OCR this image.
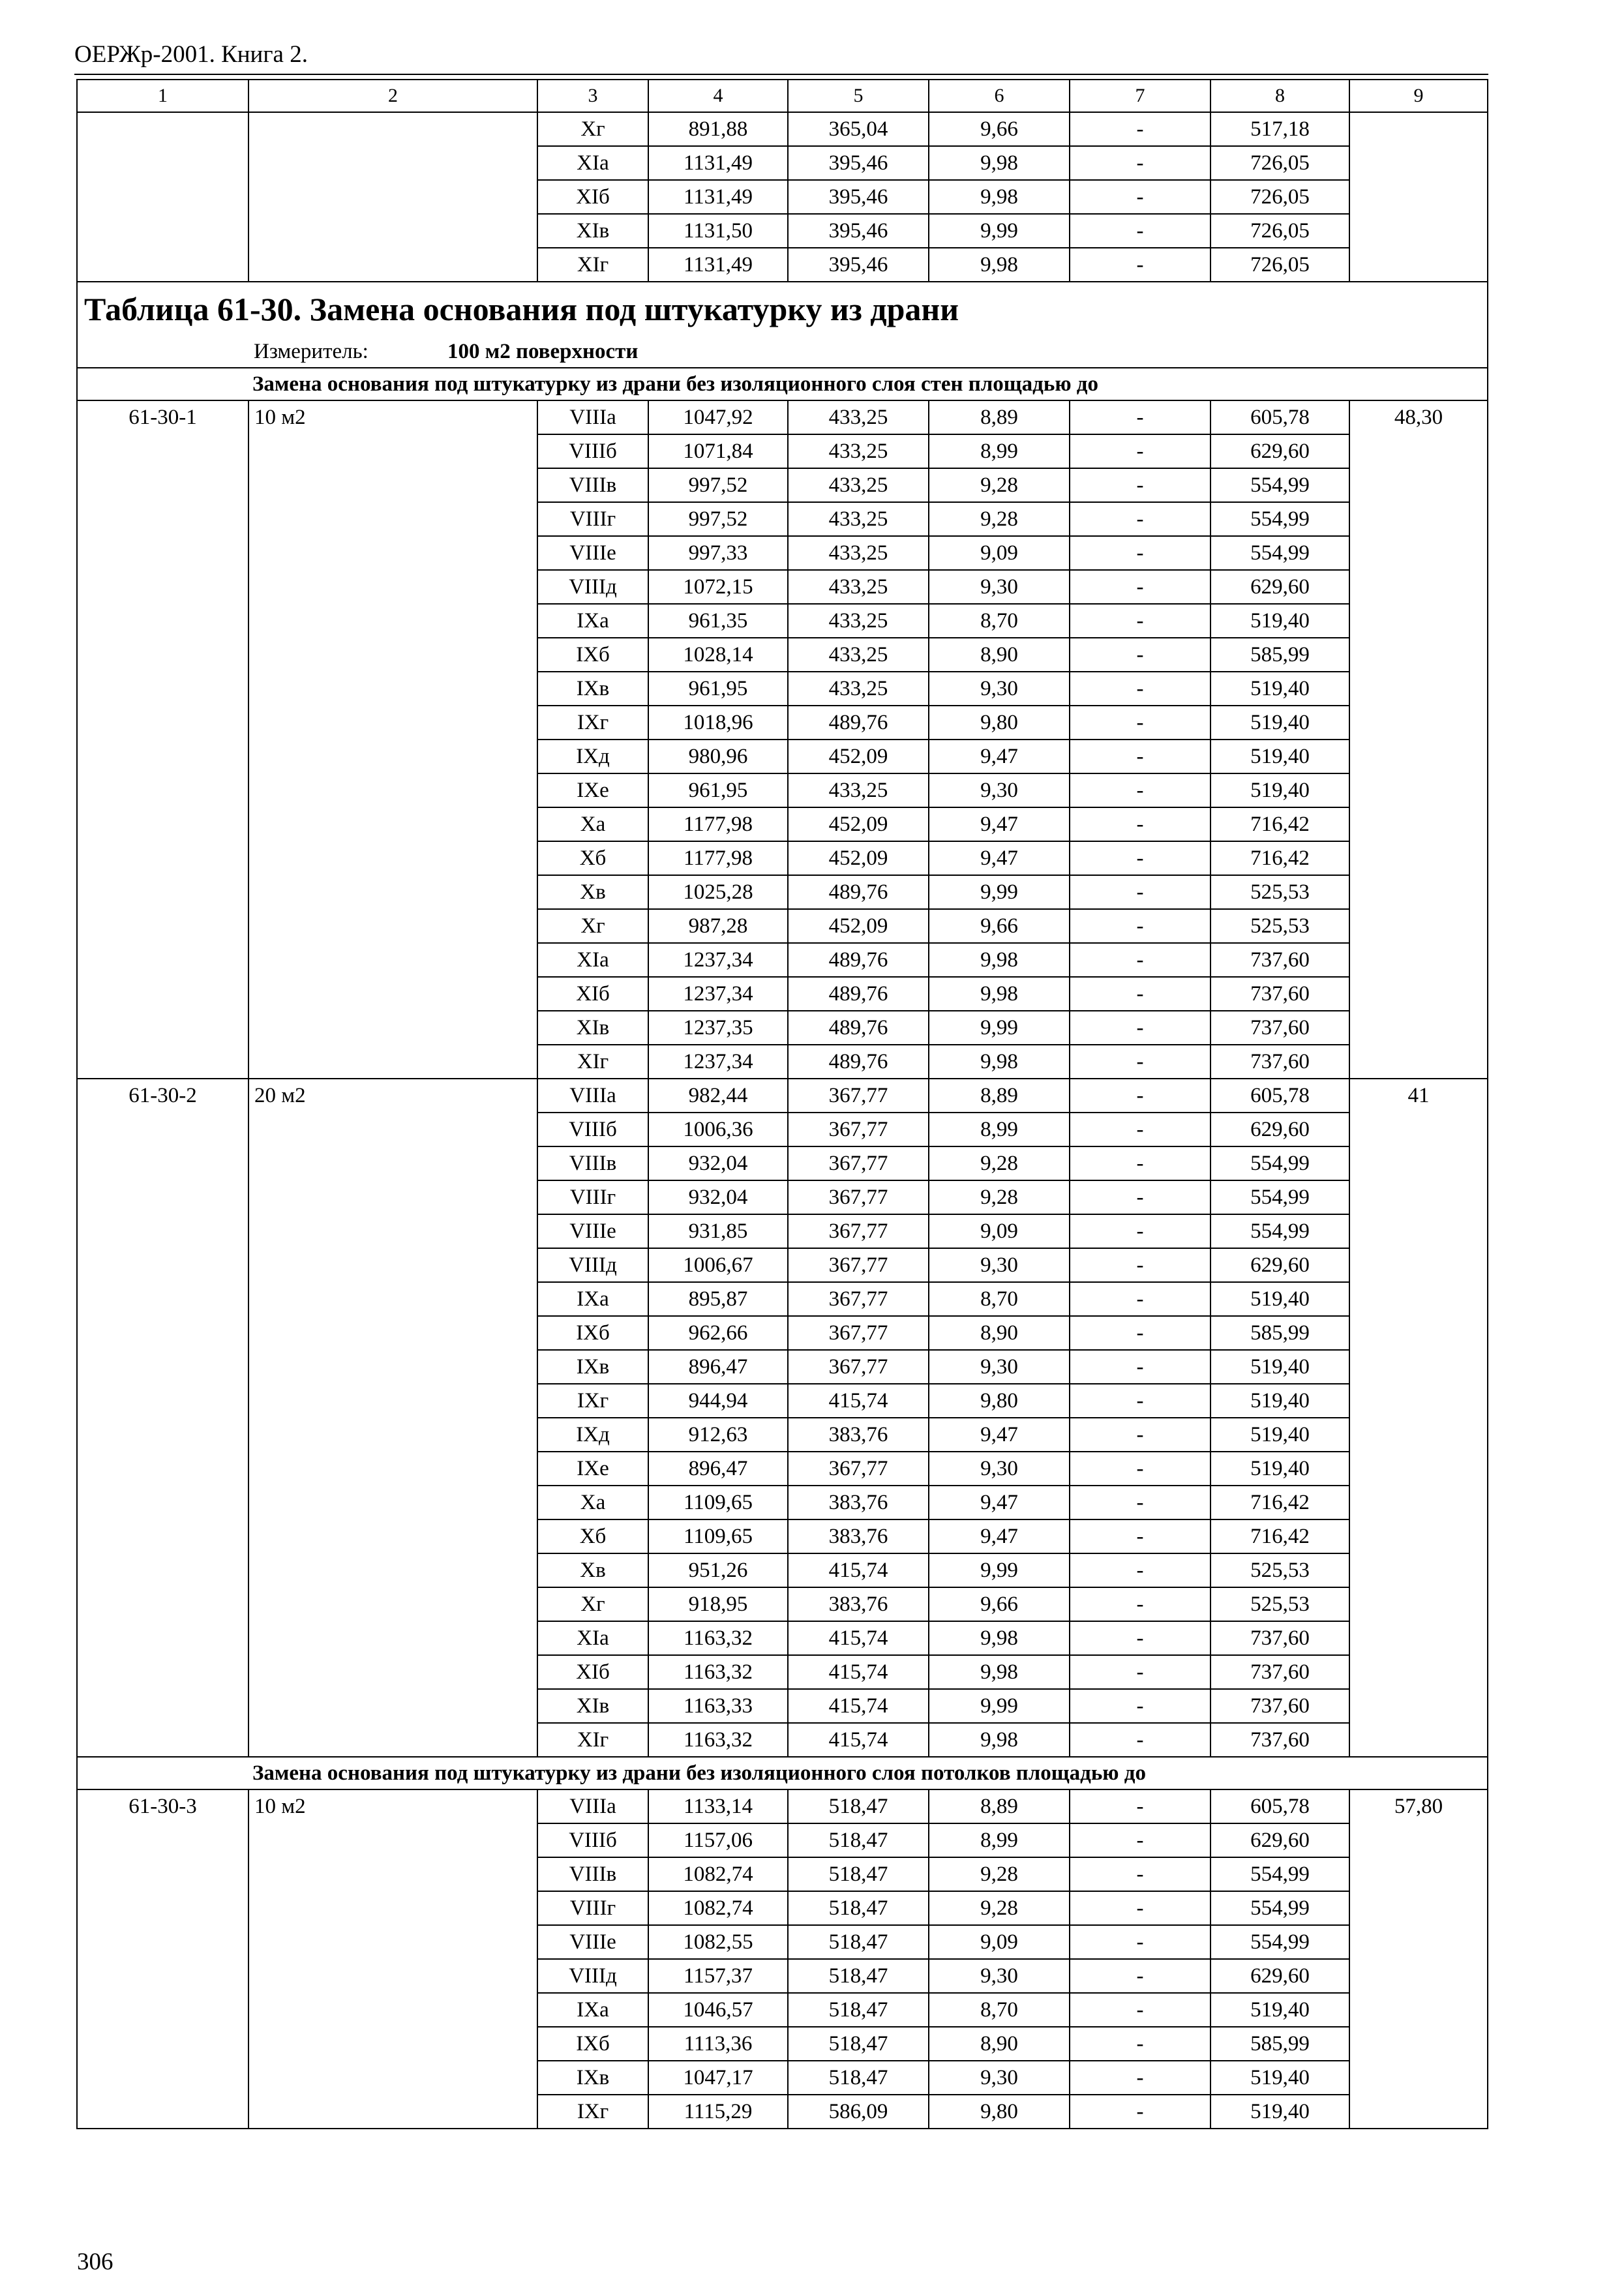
ОЕРЖр-2001. Книга 2.
1	2	3	4	5	6	7	8	9
		Xг	891,88	365,04	9,66	-	517,18	
		XIа	1131,49	395,46	9,98	-	726,05	
		XIб	1131,49	395,46	9,98	-	726,05	
		XIв	1131,50	395,46	9,99	-	726,05	
		XIг	1131,49	395,46	9,98	-	726,05	
Таблица 61-30. Замена основания под штукатурку из драни								
Измеритель: 100 м2 поверхности								
Замена основания под штукатурку из драни без изоляционного слоя стен площадью до								
61-30-1	10 м2	VIIIа	1047,92	433,25	8,89	-	605,78	48,30
		VIIIб	1071,84	433,25	8,99	-	629,60	
		VIIIв	997,52	433,25	9,28	-	554,99	
		VIIIг	997,52	433,25	9,28	-	554,99	
		VIIIе	997,33	433,25	9,09	-	554,99	
		VIIIд	1072,15	433,25	9,30	-	629,60	
		IXа	961,35	433,25	8,70	-	519,40	
		IXб	1028,14	433,25	8,90	-	585,99	
		IXв	961,95	433,25	9,30	-	519,40	
		IXг	1018,96	489,76	9,80	-	519,40	
		IXд	980,96	452,09	9,47	-	519,40	
		IXе	961,95	433,25	9,30	-	519,40	
		Xа	1177,98	452,09	9,47	-	716,42	
		Xб	1177,98	452,09	9,47	-	716,42	
		Xв	1025,28	489,76	9,99	-	525,53	
		Xг	987,28	452,09	9,66	-	525,53	
		XIа	1237,34	489,76	9,98	-	737,60	
		XIб	1237,34	489,76	9,98	-	737,60	
		XIв	1237,35	489,76	9,99	-	737,60	
		XIг	1237,34	489,76	9,98	-	737,60	
61-30-2	20 м2	VIIIа	982,44	367,77	8,89	-	605,78	41
		VIIIб	1006,36	367,77	8,99	-	629,60	
		VIIIв	932,04	367,77	9,28	-	554,99	
		VIIIг	932,04	367,77	9,28	-	554,99	
		VIIIе	931,85	367,77	9,09	-	554,99	
		VIIIд	1006,67	367,77	9,30	-	629,60	
		IXа	895,87	367,77	8,70	-	519,40	
		IXб	962,66	367,77	8,90	-	585,99	
		IXв	896,47	367,77	9,30	-	519,40	
		IXг	944,94	415,74	9,80	-	519,40	
		IXд	912,63	383,76	9,47	-	519,40	
		IXе	896,47	367,77	9,30	-	519,40	
		Xа	1109,65	383,76	9,47	-	716,42	
		Xб	1109,65	383,76	9,47	-	716,42	
		Xв	951,26	415,74	9,99	-	525,53	
		Xг	918,95	383,76	9,66	-	525,53	
		XIа	1163,32	415,74	9,98	-	737,60	
		XIб	1163,32	415,74	9,98	-	737,60	
		XIв	1163,33	415,74	9,99	-	737,60	
		XIг	1163,32	415,74	9,98	-	737,60	
Замена основания под штукатурку из драни без изоляционного слоя потолков площадью до								
61-30-3	10 м2	VIIIа	1133,14	518,47	8,89	-	605,78	57,80
		VIIIб	1157,06	518,47	8,99	-	629,60	
		VIIIв	1082,74	518,47	9,28	-	554,99	
		VIIIг	1082,74	518,47	9,28	-	554,99	
		VIIIе	1082,55	518,47	9,09	-	554,99	
		VIIIд	1157,37	518,47	9,30	-	629,60	
		IXа	1046,57	518,47	8,70	-	519,40	
		IXб	1113,36	518,47	8,90	-	585,99	
		IXв	1047,17	518,47	9,30	-	519,40	
		IXг	1115,29	586,09	9,80	-	519,40	
306
